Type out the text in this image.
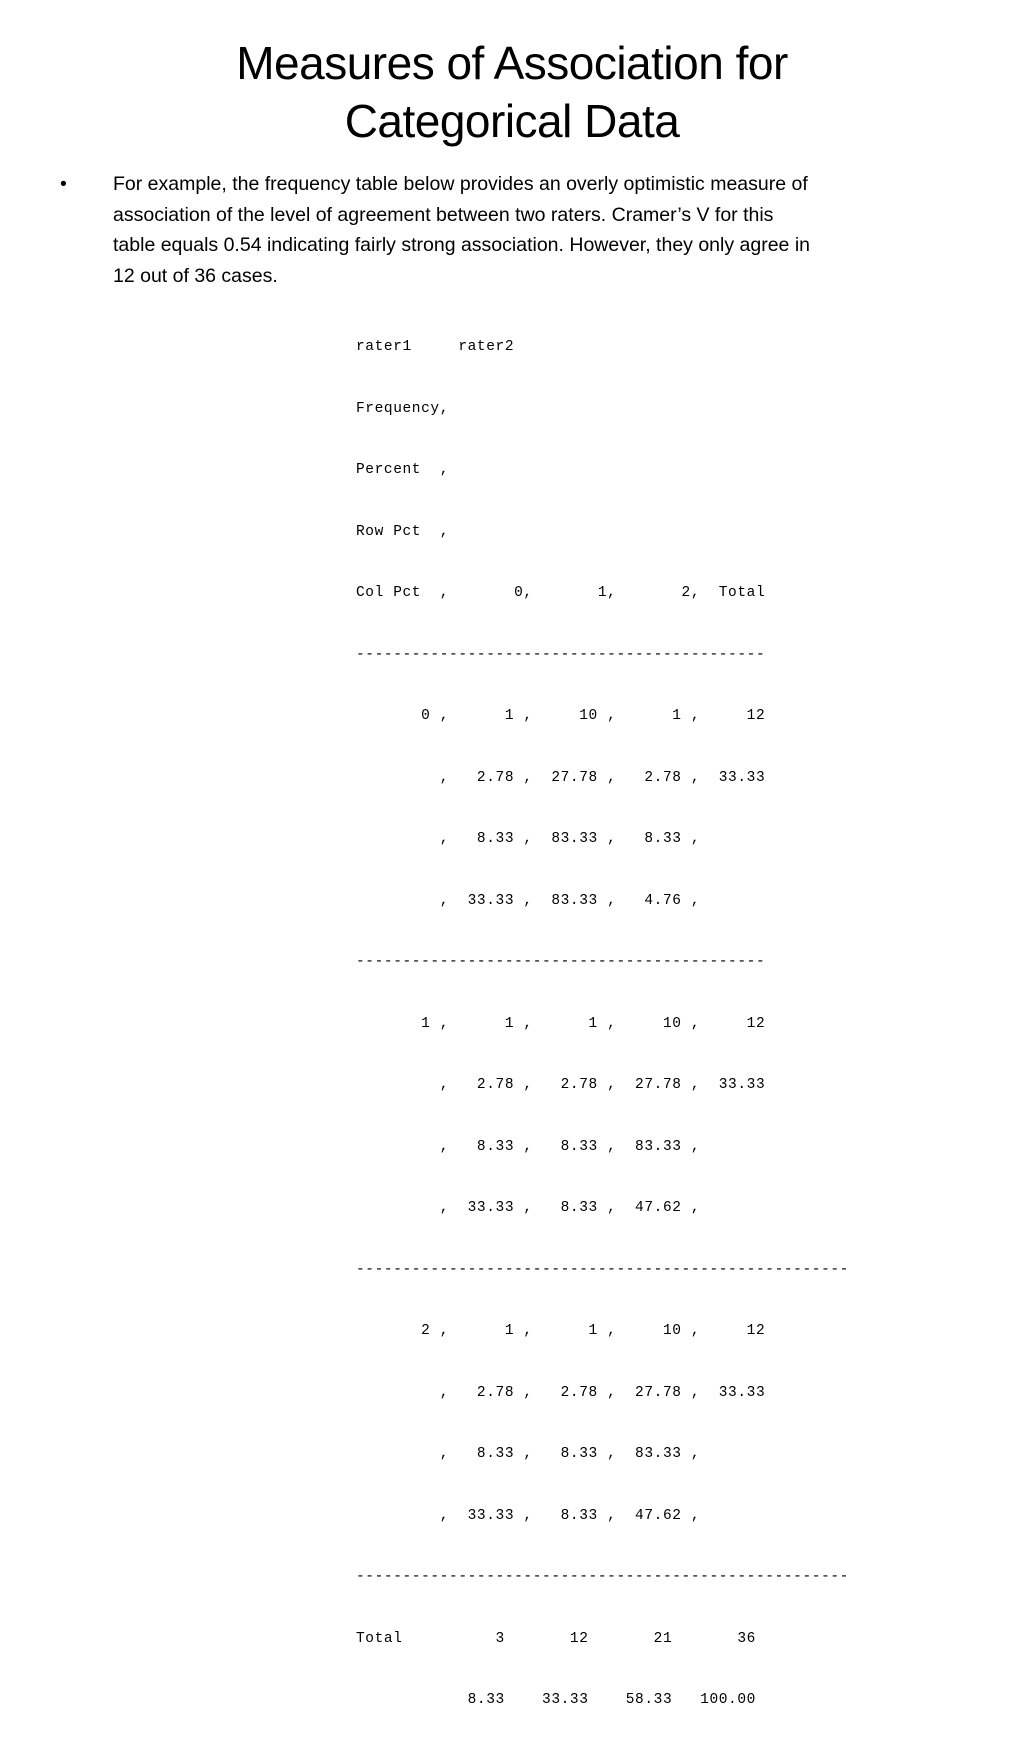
Measures of Association for
Categorical Data
• For example, the frequency table below provides an overly optimistic measure of
association of the level of agreement between two raters. Cramer’s V for this
table equals 0.54 indicating fairly strong association. However, they only agree in
12 out of 36 cases.

rater1     rater2

Frequency,

Percent  ,

Row Pct  ,

Col Pct  ,       0,       1,       2,  Total

--------------------------------------------

0 ,      1 ,     10 ,      1 ,     12

,   2.78 ,  27.78 ,   2.78 ,  33.33

,   8.33 ,  83.33 ,   8.33 ,

,  33.33 ,  83.33 ,   4.76 ,

--------------------------------------------

1 ,      1 ,      1 ,     10 ,     12

,   2.78 ,   2.78 ,  27.78 ,  33.33

,   8.33 ,   8.33 ,  83.33 ,

,  33.33 ,   8.33 ,  47.62 ,

-----------------------------------------------------

2 ,      1 ,      1 ,     10 ,     12

,   2.78 ,   2.78 ,  27.78 ,  33.33

,   8.33 ,   8.33 ,  83.33 ,

,  33.33 ,   8.33 ,  47.62 ,

-----------------------------------------------------

Total          3       12       21       36

8.33    33.33    58.33   100.00
